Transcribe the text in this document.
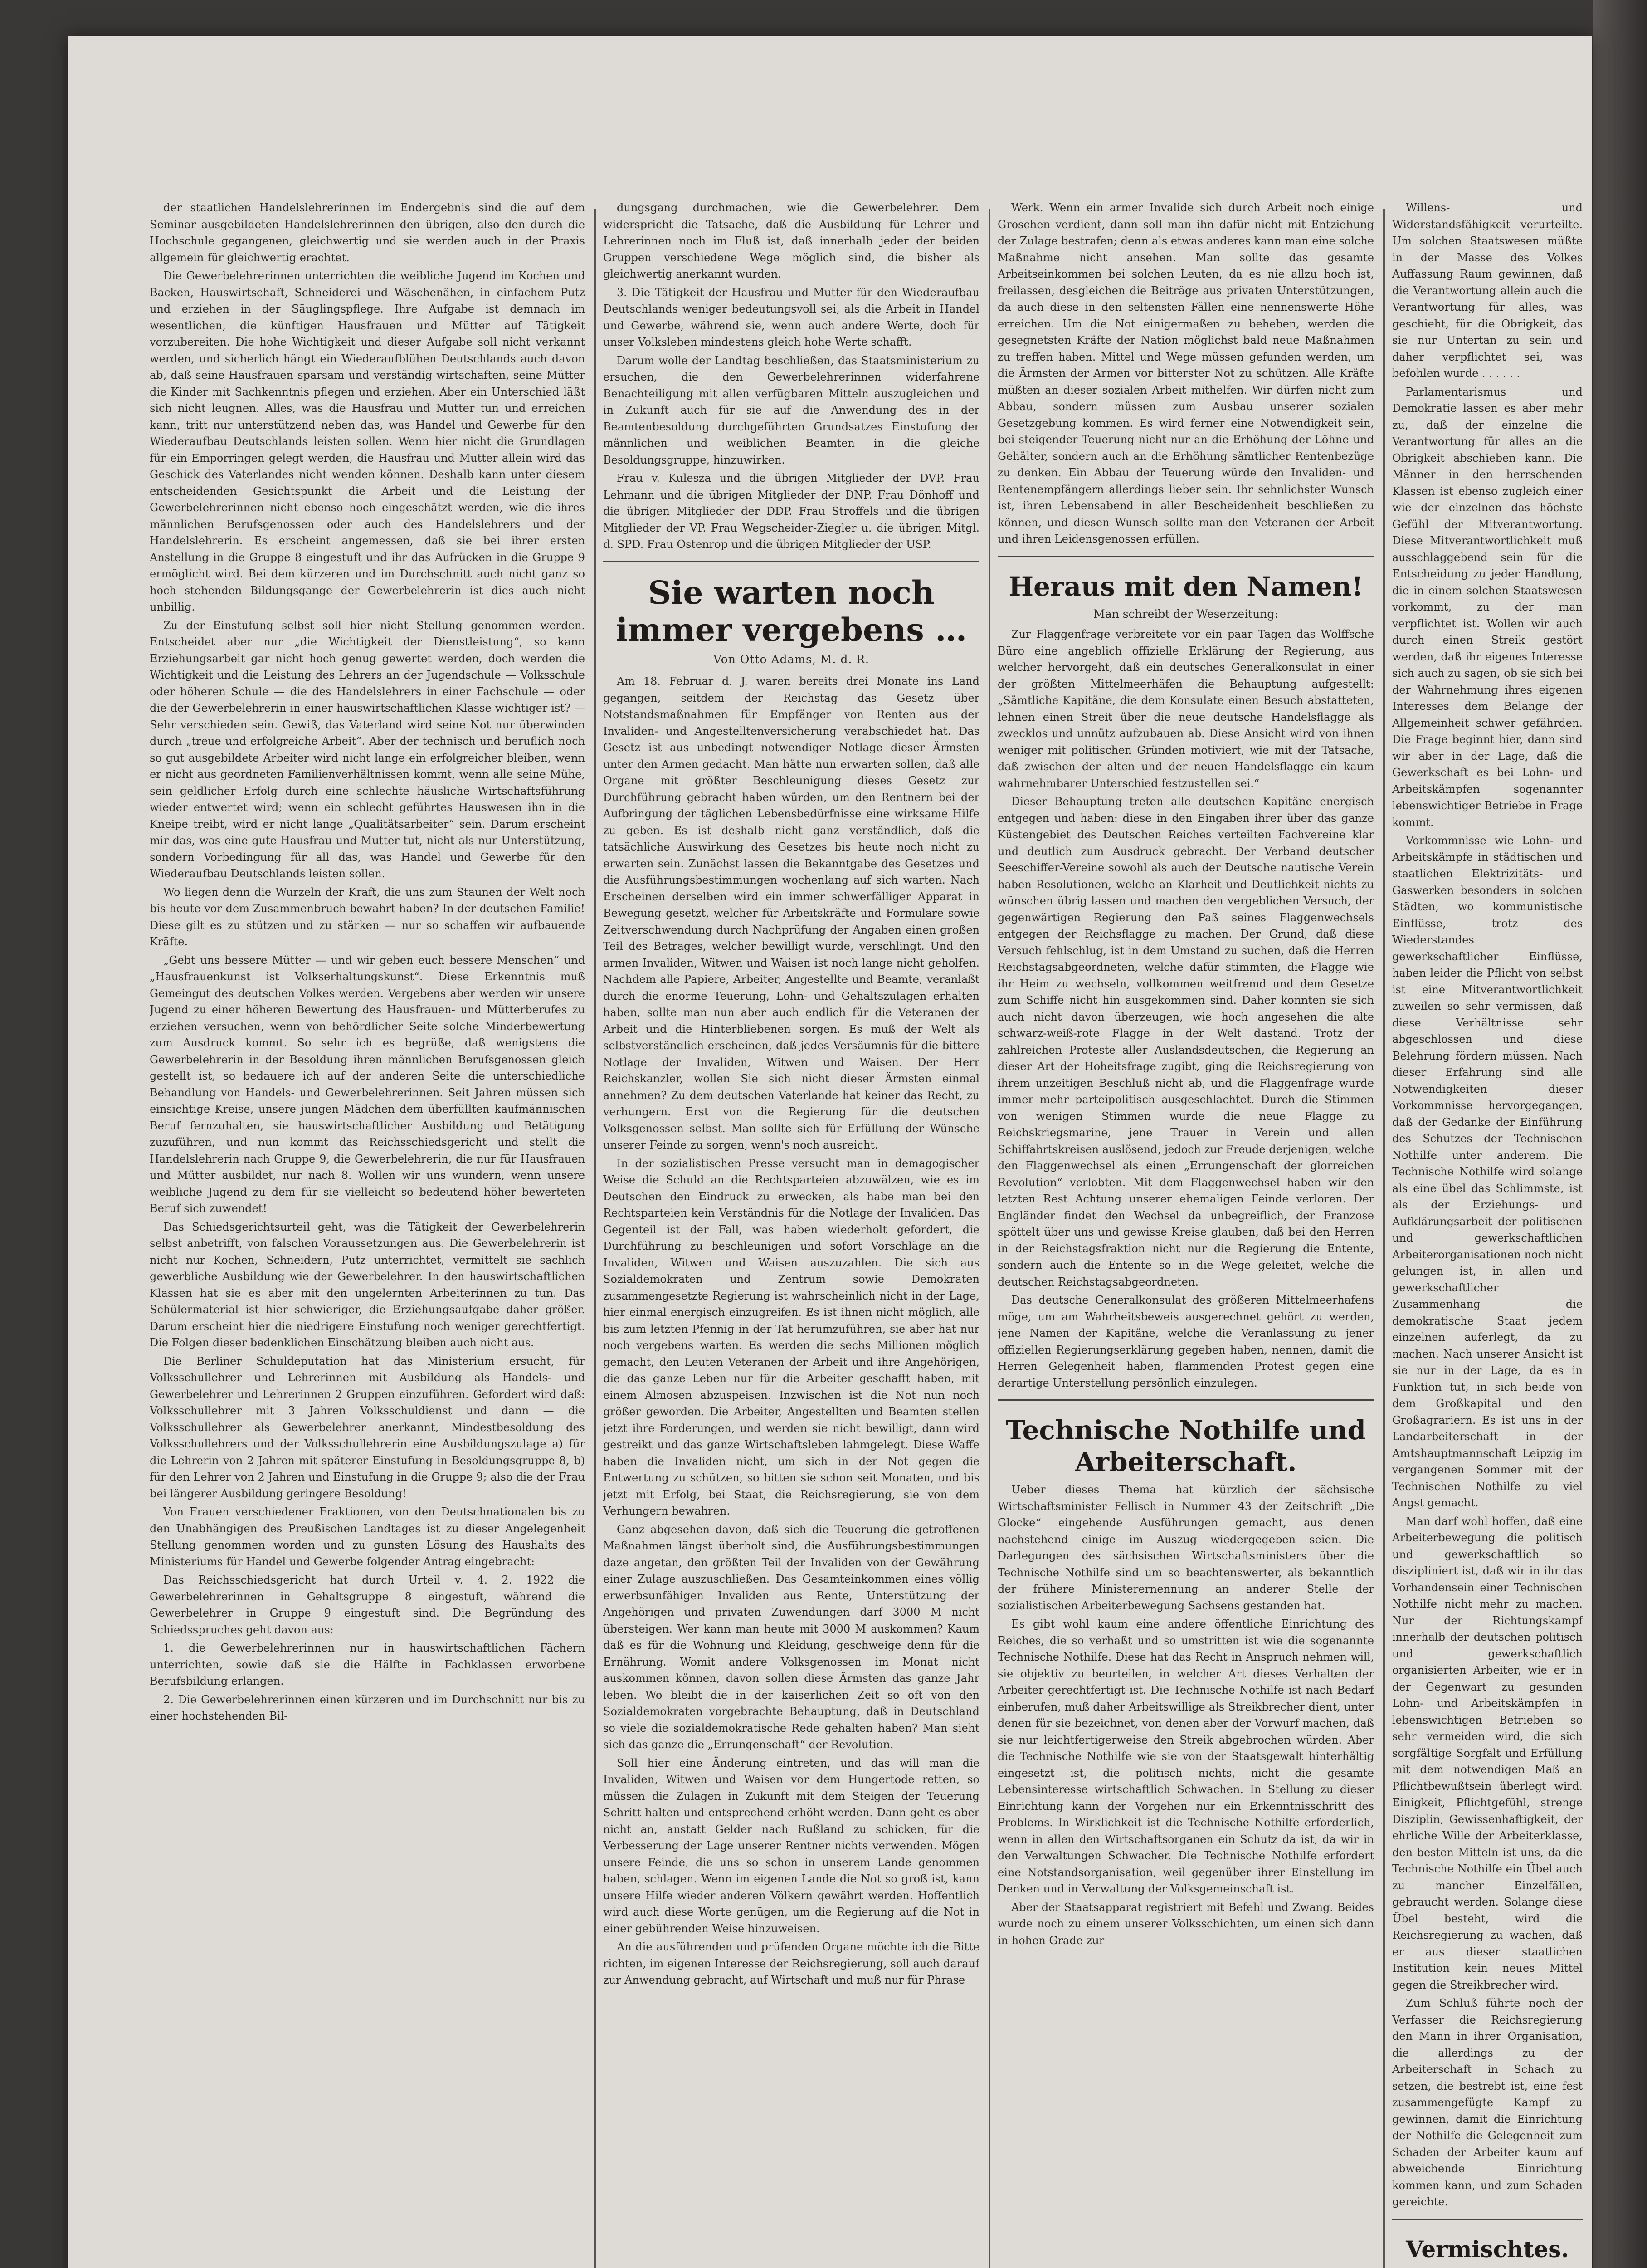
der staatlichen Handelslehrerinnen im Endergebnis sind die auf dem Seminar ausgebildeten Handelslehrerinnen den übrigen, also den durch die Hochschule gegangenen, gleichwertig und sie werden auch in der Praxis allgemein für gleichwertig erachtet.

Die Gewerbelehrerinnen unterrichten die weibliche Jugend im Kochen und Backen, Hauswirtschaft, Schneiderei und Wäschenähen, in einfachem Putz und erziehen in der Säuglingspflege. Ihre Aufgabe ist demnach im wesentlichen, die künftigen Hausfrauen und Mütter auf Tätigkeit vorzubereiten. Die hohe Wichtigkeit und dieser Aufgabe soll nicht verkannt werden, und sicherlich hängt ein Wiederaufblühen Deutschlands auch davon ab, daß seine Hausfrauen sparsam und verständig wirtschaften, seine Mütter die Kinder mit Sachkenntnis pflegen und erziehen. Aber ein Unterschied läßt sich nicht leugnen. Alles, was die Hausfrau und Mutter tun und erreichen kann, tritt nur unterstützend neben das, was Handel und Gewerbe für den Wiederaufbau Deutschlands leisten sollen. Wenn hier nicht die Grundlagen für ein Emporringen gelegt werden, die Hausfrau und Mutter allein wird das Geschick des Vaterlandes nicht wenden können. Deshalb kann unter diesem entscheidenden Gesichtspunkt die Arbeit und die Leistung der Gewerbelehrerinnen nicht ebenso hoch eingeschätzt werden, wie die ihres männlichen Berufsgenossen oder auch des Handelslehrers und der Handelslehrerin. Es erscheint angemessen, daß sie bei ihrer ersten Anstellung in die Gruppe 8 eingestuft und ihr das Aufrücken in die Gruppe 9 ermöglicht wird. Bei dem kürzeren und im Durchschnitt auch nicht ganz so hoch stehenden Bildungsgange der Gewerbelehrerin ist dies auch nicht unbillig.

Zu der Einstufung selbst soll hier nicht Stellung genommen werden. Entscheidet aber nur „die Wichtigkeit der Dienstleistung“, so kann Erziehungsarbeit gar nicht hoch genug gewertet werden, doch werden die Wichtigkeit und die Leistung des Lehrers an der Jugendschule — Volksschule oder höheren Schule — die des Handelslehrers in einer Fachschule — oder die der Gewerbelehrerin in einer hauswirtschaftlichen Klasse wichtiger ist? — Sehr verschieden sein. Gewiß, das Vaterland wird seine Not nur überwinden durch „treue und erfolgreiche Arbeit“. Aber der technisch und beruflich noch so gut ausgebildete Arbeiter wird nicht lange ein erfolgreicher bleiben, wenn er nicht aus geordneten Familienverhältnissen kommt, wenn alle seine Mühe, sein geldlicher Erfolg durch eine schlechte häusliche Wirtschaftsführung wieder entwertet wird; wenn ein schlecht geführtes Hauswesen ihn in die Kneipe treibt, wird er nicht lange „Qualitätsarbeiter“ sein. Darum erscheint mir das, was eine gute Hausfrau und Mutter tut, nicht als nur Unterstützung, sondern Vorbedingung für all das, was Handel und Gewerbe für den Wiederaufbau Deutschlands leisten sollen.

Wo liegen denn die Wurzeln der Kraft, die uns zum Staunen der Welt noch bis heute vor dem Zusammenbruch bewahrt haben? In der deutschen Familie! Diese gilt es zu stützen und zu stärken — nur so schaffen wir aufbauende Kräfte.

„Gebt uns bessere Mütter — und wir geben euch bessere Menschen“ und „Hausfrauenkunst ist Volkserhaltungskunst“. Diese Erkenntnis muß Gemeingut des deutschen Volkes werden. Vergebens aber werden wir unsere Jugend zu einer höheren Bewertung des Hausfrauen- und Mütterberufes zu erziehen versuchen, wenn von behördlicher Seite solche Minderbewertung zum Ausdruck kommt. So sehr ich es begrüße, daß wenigstens die Gewerbelehrerin in der Besoldung ihren männlichen Berufsgenossen gleich gestellt ist, so bedauere ich auf der anderen Seite die unterschiedliche Behandlung von Handels- und Gewerbelehrerinnen. Seit Jahren müssen sich einsichtige Kreise, unsere jungen Mädchen dem überfüllten kaufmännischen Beruf fernzuhalten, sie hauswirtschaftlicher Ausbildung und Betätigung zuzuführen, und nun kommt das Reichsschiedsgericht und stellt die Handelslehrerin nach Gruppe 9, die Gewerbelehrerin, die nur für Hausfrauen und Mütter ausbildet, nur nach 8. Wollen wir uns wundern, wenn unsere weibliche Jugend zu dem für sie vielleicht so bedeutend höher bewerteten Beruf sich zuwendet!

Das Schiedsgerichtsurteil geht, was die Tätigkeit der Gewerbelehrerin selbst anbetrifft, von falschen Voraussetzungen aus. Die Gewerbelehrerin ist nicht nur Kochen, Schneidern, Putz unterrichtet, vermittelt sie sachlich gewerbliche Ausbildung wie der Gewerbelehrer. In den hauswirtschaftlichen Klassen hat sie es aber mit den ungelernten Arbeiterinnen zu tun. Das Schülermaterial ist hier schwieriger, die Erziehungsaufgabe daher größer. Darum erscheint hier die niedrigere Einstufung noch weniger gerechtfertigt. Die Folgen dieser bedenklichen Einschätzung bleiben auch nicht aus.

Die Berliner Schuldeputation hat das Ministerium ersucht, für Volksschullehrer und Lehrerinnen mit Ausbildung als Handels- und Gewerbelehrer und Lehrerinnen 2 Gruppen einzuführen. Gefordert wird daß: Volksschullehrer mit 3 Jahren Volksschuldienst und dann — die Volksschullehrer als Gewerbelehrer anerkannt, Mindestbesoldung des Volksschullehrers und der Volksschullehrerin eine Ausbildungszulage a) für die Lehrerin von 2 Jahren mit späterer Einstufung in Besoldungsgruppe 8, b) für den Lehrer von 2 Jahren und Einstufung in die Gruppe 9; also die der Frau bei längerer Ausbildung geringere Besoldung!

Von Frauen verschiedener Fraktionen, von den Deutschnationalen bis zu den Unabhängigen des Preußischen Landtages ist zu dieser Angelegenheit Stellung genommen worden und zu gunsten Lösung des Haushalts des Ministeriums für Handel und Gewerbe folgender Antrag eingebracht:

Das Reichsschiedsgericht hat durch Urteil v. 4. 2. 1922 die Gewerbelehrerinnen in Gehaltsgruppe 8 eingestuft, während die Gewerbelehrer in Gruppe 9 eingestuft sind. Die Begründung des Schiedsspruches geht davon aus:

1. die Gewerbelehrerinnen nur in hauswirtschaftlichen Fächern unterrichten, sowie daß sie die Hälfte in Fachklassen erworbene Berufsbildung erlangen.

2. Die Gewerbelehrerinnen einen kürzeren und im Durchschnitt nur bis zu einer hochstehenden Bil-

dungsgang durchmachen, wie die Gewerbelehrer. Dem widerspricht die Tatsache, daß die Ausbildung für Lehrer und Lehrerinnen noch im Fluß ist, daß innerhalb jeder der beiden Gruppen verschiedene Wege möglich sind, die bisher als gleichwertig anerkannt wurden.

3. Die Tätigkeit der Hausfrau und Mutter für den Wiederaufbau Deutschlands weniger bedeutungsvoll sei, als die Arbeit in Handel und Gewerbe, während sie, wenn auch andere Werte, doch für unser Volksleben mindestens gleich hohe Werte schafft.

Darum wolle der Landtag beschließen, das Staatsministerium zu ersuchen, die den Gewerbelehrerinnen widerfahrene Benachteiligung mit allen verfügbaren Mitteln auszugleichen und in Zukunft auch für sie auf die Anwendung des in der Beamtenbesoldung durchgeführten Grundsatzes Einstufung der männlichen und weiblichen Beamten in die gleiche Besoldungsgruppe, hinzuwirken.

Frau v. Kulesza und die übrigen Mitglieder der DVP. Frau Lehmann und die übrigen Mitglieder der DNP. Frau Dönhoff und die übrigen Mitglieder der DDP. Frau Stroffels und die übrigen Mitglieder der VP. Frau Wegscheider-Ziegler u. die übrigen Mitgl. d. SPD. Frau Ostenrop und die übrigen Mitglieder der USP.

Sie warten noch immer vergebens …
Von Otto Adams, M. d. R.

Am 18. Februar d. J. waren bereits drei Monate ins Land gegangen, seitdem der Reichstag das Gesetz über Notstandsmaßnahmen für Empfänger von Renten aus der Invaliden- und Angestelltenversicherung verabschiedet hat. Das Gesetz ist aus unbedingt notwendiger Notlage dieser Ärmsten unter den Armen gedacht. Man hätte nun erwarten sollen, daß alle Organe mit größter Beschleunigung dieses Gesetz zur Durchführung gebracht haben würden, um den Rentnern bei der Aufbringung der täglichen Lebensbedürfnisse eine wirksame Hilfe zu geben. Es ist deshalb nicht ganz verständlich, daß die tatsächliche Auswirkung des Gesetzes bis heute noch nicht zu erwarten sein. Zunächst lassen die Bekanntgabe des Gesetzes und die Ausführungsbestimmungen wochenlang auf sich warten. Nach Erscheinen derselben wird ein immer schwerfälliger Apparat in Bewegung gesetzt, welcher für Arbeitskräfte und Formulare sowie Zeitverschwendung durch Nachprüfung der Angaben einen großen Teil des Betrages, welcher bewilligt wurde, verschlingt. Und den armen Invaliden, Witwen und Waisen ist noch lange nicht geholfen. Nachdem alle Papiere, Arbeiter, Angestellte und Beamte, veranlaßt durch die enorme Teuerung, Lohn- und Gehaltszulagen erhalten haben, sollte man nun aber auch endlich für die Veteranen der Arbeit und die Hinterbliebenen sorgen. Es muß der Welt als selbstverständlich erscheinen, daß jedes Versäumnis für die bittere Notlage der Invaliden, Witwen und Waisen. Der Herr Reichskanzler, wollen Sie sich nicht dieser Ärmsten einmal annehmen? Zu dem deutschen Vaterlande hat keiner das Recht, zu verhungern. Erst von die Regierung für die deutschen Volksgenossen selbst. Man sollte sich für Erfüllung der Wünsche unserer Feinde zu sorgen, wenn's noch ausreicht.

In der sozialistischen Presse versucht man in demagogischer Weise die Schuld an die Rechtsparteien abzuwälzen, wie es im Deutschen den Eindruck zu erwecken, als habe man bei den Rechtsparteien kein Verständnis für die Notlage der Invaliden. Das Gegenteil ist der Fall, was haben wiederholt gefordert, die Durchführung zu beschleunigen und sofort Vorschläge an die Invaliden, Witwen und Waisen auszuzahlen. Die sich aus Sozialdemokraten und Zentrum sowie Demokraten zusammengesetzte Regierung ist wahrscheinlich nicht in der Lage, hier einmal energisch einzugreifen. Es ist ihnen nicht möglich, alle bis zum letzten Pfennig in der Tat herumzuführen, sie aber hat nur noch vergebens warten. Es werden die sechs Millionen möglich gemacht, den Leuten Veteranen der Arbeit und ihre Angehörigen, die das ganze Leben nur für die Arbeiter geschafft haben, mit einem Almosen abzuspeisen. Inzwischen ist die Not nun noch größer geworden. Die Arbeiter, Angestellten und Beamten stellen jetzt ihre Forderungen, und werden sie nicht bewilligt, dann wird gestreikt und das ganze Wirtschaftsleben lahmgelegt. Diese Waffe haben die Invaliden nicht, um sich in der Not gegen die Entwertung zu schützen, so bitten sie schon seit Monaten, und bis jetzt mit Erfolg, bei Staat, die Reichsregierung, sie von dem Verhungern bewahren.

Ganz abgesehen davon, daß sich die Teuerung die getroffenen Maßnahmen längst überholt sind, die Ausführungsbestimmungen daze angetan, den größten Teil der Invaliden von der Gewährung einer Zulage auszuschließen. Das Gesamteinkommen eines völlig erwerbsunfähigen Invaliden aus Rente, Unterstützung der Angehörigen und privaten Zuwendungen darf 3000 M nicht übersteigen. Wer kann man heute mit 3000 M auskommen? Kaum daß es für die Wohnung und Kleidung, geschweige denn für die Ernährung. Womit andere Volksgenossen im Monat nicht auskommen können, davon sollen diese Ärmsten das ganze Jahr leben. Wo bleibt die in der kaiserlichen Zeit so oft von den Sozialdemokraten vorgebrachte Behauptung, daß in Deutschland so viele die sozialdemokratische Rede gehalten haben? Man sieht sich das ganze die „Errungenschaft“ der Revolution.

Soll hier eine Änderung eintreten, und das will man die Invaliden, Witwen und Waisen vor dem Hungertode retten, so müssen die Zulagen in Zukunft mit dem Steigen der Teuerung Schritt halten und entsprechend erhöht werden. Dann geht es aber nicht an, anstatt Gelder nach Rußland zu schicken, für die Verbesserung der Lage unserer Rentner nichts verwenden. Mögen unsere Feinde, die uns so schon in unserem Lande genommen haben, schlagen. Wenn im eigenen Lande die Not so groß ist, kann unsere Hilfe wieder anderen Völkern gewährt werden. Hoffentlich wird auch diese Worte genügen, um die Regierung auf die Not in einer gebührenden Weise hinzuweisen.

An die ausführenden und prüfenden Organe möchte ich die Bitte richten, im eigenen Interesse der Reichsregierung, soll auch darauf zur Anwendung gebracht, auf Wirtschaft und muß nur für Phrase

Werk. Wenn ein armer Invalide sich durch Arbeit noch einige Groschen verdient, dann soll man ihn dafür nicht mit Entziehung der Zulage bestrafen; denn als etwas anderes kann man eine solche Maßnahme nicht ansehen. Man sollte das gesamte Arbeitseinkommen bei solchen Leuten, da es nie allzu hoch ist, freilassen, desgleichen die Beiträge aus privaten Unterstützungen, da auch diese in den seltensten Fällen eine nennenswerte Höhe erreichen. Um die Not einigermaßen zu beheben, werden die gesegnetsten Kräfte der Nation möglichst bald neue Maßnahmen zu treffen haben. Mittel und Wege müssen gefunden werden, um die Ärmsten der Armen vor bitterster Not zu schützen. Alle Kräfte müßten an dieser sozialen Arbeit mithelfen. Wir dürfen nicht zum Abbau, sondern müssen zum Ausbau unserer sozialen Gesetzgebung kommen. Es wird ferner eine Notwendigkeit sein, bei steigender Teuerung nicht nur an die Erhöhung der Löhne und Gehälter, sondern auch an die Erhöhung sämtlicher Rentenbezüge zu denken. Ein Abbau der Teuerung würde den Invaliden- und Rentenempfängern allerdings lieber sein. Ihr sehnlichster Wunsch ist, ihren Lebensabend in aller Bescheidenheit beschließen zu können, und diesen Wunsch sollte man den Veteranen der Arbeit und ihren Leidensgenossen erfüllen.

Heraus mit den Namen!
Man schreibt der Weserzeitung:

Zur Flaggenfrage verbreitete vor ein paar Tagen das Wolffsche Büro eine angeblich offizielle Erklärung der Regierung, aus welcher hervorgeht, daß ein deutsches Generalkonsulat in einer der größten Mittelmeerhäfen die Behauptung aufgestellt: „Sämtliche Kapitäne, die dem Konsulate einen Besuch abstatteten, lehnen einen Streit über die neue deutsche Handelsflagge als zwecklos und unnütz aufzubauen ab. Diese Ansicht wird von ihnen weniger mit politischen Gründen motiviert, wie mit der Tatsache, daß zwischen der alten und der neuen Handelsflagge ein kaum wahrnehmbarer Unterschied festzustellen sei.“

Dieser Behauptung treten alle deutschen Kapitäne energisch entgegen und haben: diese in den Eingaben ihrer über das ganze Küstengebiet des Deutschen Reiches verteilten Fachvereine klar und deutlich zum Ausdruck gebracht. Der Verband deutscher Seeschiffer-Vereine sowohl als auch der Deutsche nautische Verein haben Resolutionen, welche an Klarheit und Deutlichkeit nichts zu wünschen übrig lassen und machen den vergeblichen Versuch, der gegenwärtigen Regierung den Paß seines Flaggenwechsels entgegen der Reichsflagge zu machen. Der Grund, daß diese Versuch fehlschlug, ist in dem Umstand zu suchen, daß die Herren Reichstagsabgeordneten, welche dafür stimmten, die Flagge wie ihr Heim zu wechseln, vollkommen weitfremd und dem Gesetze zum Schiffe nicht hin ausgekommen sind. Daher konnten sie sich auch nicht davon überzeugen, wie hoch angesehen die alte schwarz-weiß-rote Flagge in der Welt dastand. Trotz der zahlreichen Proteste aller Auslandsdeutschen, die Regierung an dieser Art der Hoheitsfrage zugibt, ging die Reichsregierung von ihrem unzeitigen Beschluß nicht ab, und die Flaggenfrage wurde immer mehr parteipolitisch ausgeschlachtet. Durch die Stimmen von wenigen Stimmen wurde die neue Flagge zu Reichskriegsmarine, jene Trauer in Verein und allen Schiffahrtskreisen auslösend, jedoch zur Freude derjenigen, welche den Flaggenwechsel als einen „Errungenschaft der glorreichen Revolution“ verlobten. Mit dem Flaggenwechsel haben wir den letzten Rest Achtung unserer ehemaligen Feinde verloren. Der Engländer findet den Wechsel da unbegreiflich, der Franzose spöttelt über uns und gewisse Kreise glauben, daß bei den Herren in der Reichstagsfraktion nicht nur die Regierung die Entente, sondern auch die Entente so in die Wege geleitet, welche die deutschen Reichstagsabgeordneten.

Das deutsche Generalkonsulat des größeren Mittelmeerhafens möge, um am Wahrheitsbeweis ausgerechnet gehört zu werden, jene Namen der Kapitäne, welche die Veranlassung zu jener offiziellen Regierungserklärung gegeben haben, nennen, damit die Herren Gelegenheit haben, flammenden Protest gegen eine derartige Unterstellung persönlich einzulegen.

Technische Nothilfe und Arbeiterschaft.

Ueber dieses Thema hat kürzlich der sächsische Wirtschaftsminister Fellisch in Nummer 43 der Zeitschrift „Die Glocke“ eingehende Ausführungen gemacht, aus denen nachstehend einige im Auszug wiedergegeben seien. Die Darlegungen des sächsischen Wirtschaftsministers über die Technische Nothilfe sind um so beachtenswerter, als bekanntlich der frühere Ministerernennung an anderer Stelle der sozialistischen Arbeiterbewegung Sachsens gestanden hat.

Es gibt wohl kaum eine andere öffentliche Einrichtung des Reiches, die so verhaßt und so umstritten ist wie die sogenannte Technische Nothilfe. Diese hat das Recht in Anspruch nehmen will, sie objektiv zu beurteilen, in welcher Art dieses Verhalten der Arbeiter gerechtfertigt ist. Die Technische Nothilfe ist nach Bedarf einberufen, muß daher Arbeitswillige als Streikbrecher dient, unter denen für sie bezeichnet, von denen aber der Vorwurf machen, daß sie nur leichtfertigerweise den Streik abgebrochen würden. Aber die Technische Nothilfe wie sie von der Staatsgewalt hinterhältig eingesetzt ist, die politisch nichts, nicht die gesamte Lebensinteresse wirtschaftlich Schwachen. In Stellung zu dieser Einrichtung kann der Vorgehen nur ein Erkenntnisschritt des Problems. In Wirklichkeit ist die Technische Nothilfe erforderlich, wenn in allen den Wirtschaftsorganen ein Schutz da ist, da wir in den Verwaltungen Schwacher. Die Technische Nothilfe erfordert eine Notstandsorganisation, weil gegenüber ihrer Einstellung im Denken und in Verwaltung der Volksgemeinschaft ist.

Aber der Staatsapparat registriert mit Befehl und Zwang. Beides wurde noch zu einem unserer Volksschichten, um einen sich dann in hohen Grade zur

Willens- und Widerstandsfähigkeit verurteilte. Um solchen Staatswesen müßte in der Masse des Volkes Auffassung Raum gewinnen, daß die Verantwortung allein auch die Verantwortung für alles, was geschieht, für die Obrigkeit, das sie nur Untertan zu sein und daher verpflichtet sei, was befohlen wurde . . . . . .

Parlamentarismus und Demokratie lassen es aber mehr zu, daß der einzelne die Verantwortung für alles an die Obrigkeit abschieben kann. Die Männer in den herrschenden Klassen ist ebenso zugleich einer wie der einzelnen das höchste Gefühl der Mitverantwortung. Diese Mitverantwortlichkeit muß ausschlaggebend sein für die Entscheidung zu jeder Handlung, die in einem solchen Staatswesen vorkommt, zu der man verpflichtet ist. Wollen wir auch durch einen Streik gestört werden, daß ihr eigenes Interesse sich auch zu sagen, ob sie sich bei der Wahrnehmung ihres eigenen Interesses dem Belange der Allgemeinheit schwer gefährden. Die Frage beginnt hier, dann sind wir aber in der Lage, daß die Gewerkschaft es bei Lohn- und Arbeitskämpfen sogenannter lebenswichtiger Betriebe in Frage kommt.

Vorkommnisse wie Lohn- und Arbeitskämpfe in städtischen und staatlichen Elektrizitäts- und Gaswerken besonders in solchen Städten, wo kommunistische Einflüsse, trotz des Wiederstandes gewerkschaftlicher Einflüsse, haben leider die Pflicht von selbst ist eine Mitverantwortlichkeit zuweilen so sehr vermissen, daß diese Verhältnisse sehr abgeschlossen und diese Belehrung fördern müssen. Nach dieser Erfahrung sind alle Notwendigkeiten dieser Vorkommnisse hervorgegangen, daß der Gedanke der Einführung des Schutzes der Technischen Nothilfe unter anderem. Die Technische Nothilfe wird solange als eine übel das Schlimmste, ist als der Erziehungs- und Aufklärungsarbeit der politischen und gewerkschaftlichen Arbeiterorganisationen noch nicht gelungen ist, in allen und gewerkschaftlicher Zusammenhang die demokratische Staat jedem einzelnen auferlegt, da zu machen. Nach unserer Ansicht ist sie nur in der Lage, da es in Funktion tut, in sich beide von dem Großkapital und den Großagrariern. Es ist uns in der Landarbeiterschaft in der Amtshauptmannschaft Leipzig im vergangenen Sommer mit der Technischen Nothilfe zu viel Angst gemacht.

Man darf wohl hoffen, daß eine Arbeiterbewegung die politisch und gewerkschaftlich so diszipliniert ist, daß wir in ihr das Vorhandensein einer Technischen Nothilfe nicht mehr zu machen. Nur der Richtungskampf innerhalb der deutschen politisch und gewerkschaftlich organisierten Arbeiter, wie er in der Gegenwart zu gesunden Lohn- und Arbeitskämpfen in lebenswichtigen Betrieben so sehr vermeiden wird, die sich sorgfältige Sorgfalt und Erfüllung mit dem notwendigen Maß an Pflichtbewußtsein überlegt wird. Einigkeit, Pflichtgefühl, strenge Disziplin, Gewissenhaftigkeit, der ehrliche Wille der Arbeiterklasse, den besten Mitteln ist uns, da die Technische Nothilfe ein Übel auch zu mancher Einzelfällen, gebraucht werden. Solange diese Übel besteht, wird die Reichsregierung zu wachen, daß er aus dieser staatlichen Institution kein neues Mittel gegen die Streikbrecher wird.

Zum Schluß führte noch der Verfasser die Reichsregierung den Mann in ihrer Organisation, die allerdings zu der Arbeiterschaft in Schach zu setzen, die bestrebt ist, eine fest zusammengefügte Kampf zu gewinnen, damit die Einrichtung der Nothilfe die Gelegenheit zum Schaden der Arbeiter kaum auf abweichende Einrichtung kommen kann, und zum Schaden gereichte.

Vermischtes.
